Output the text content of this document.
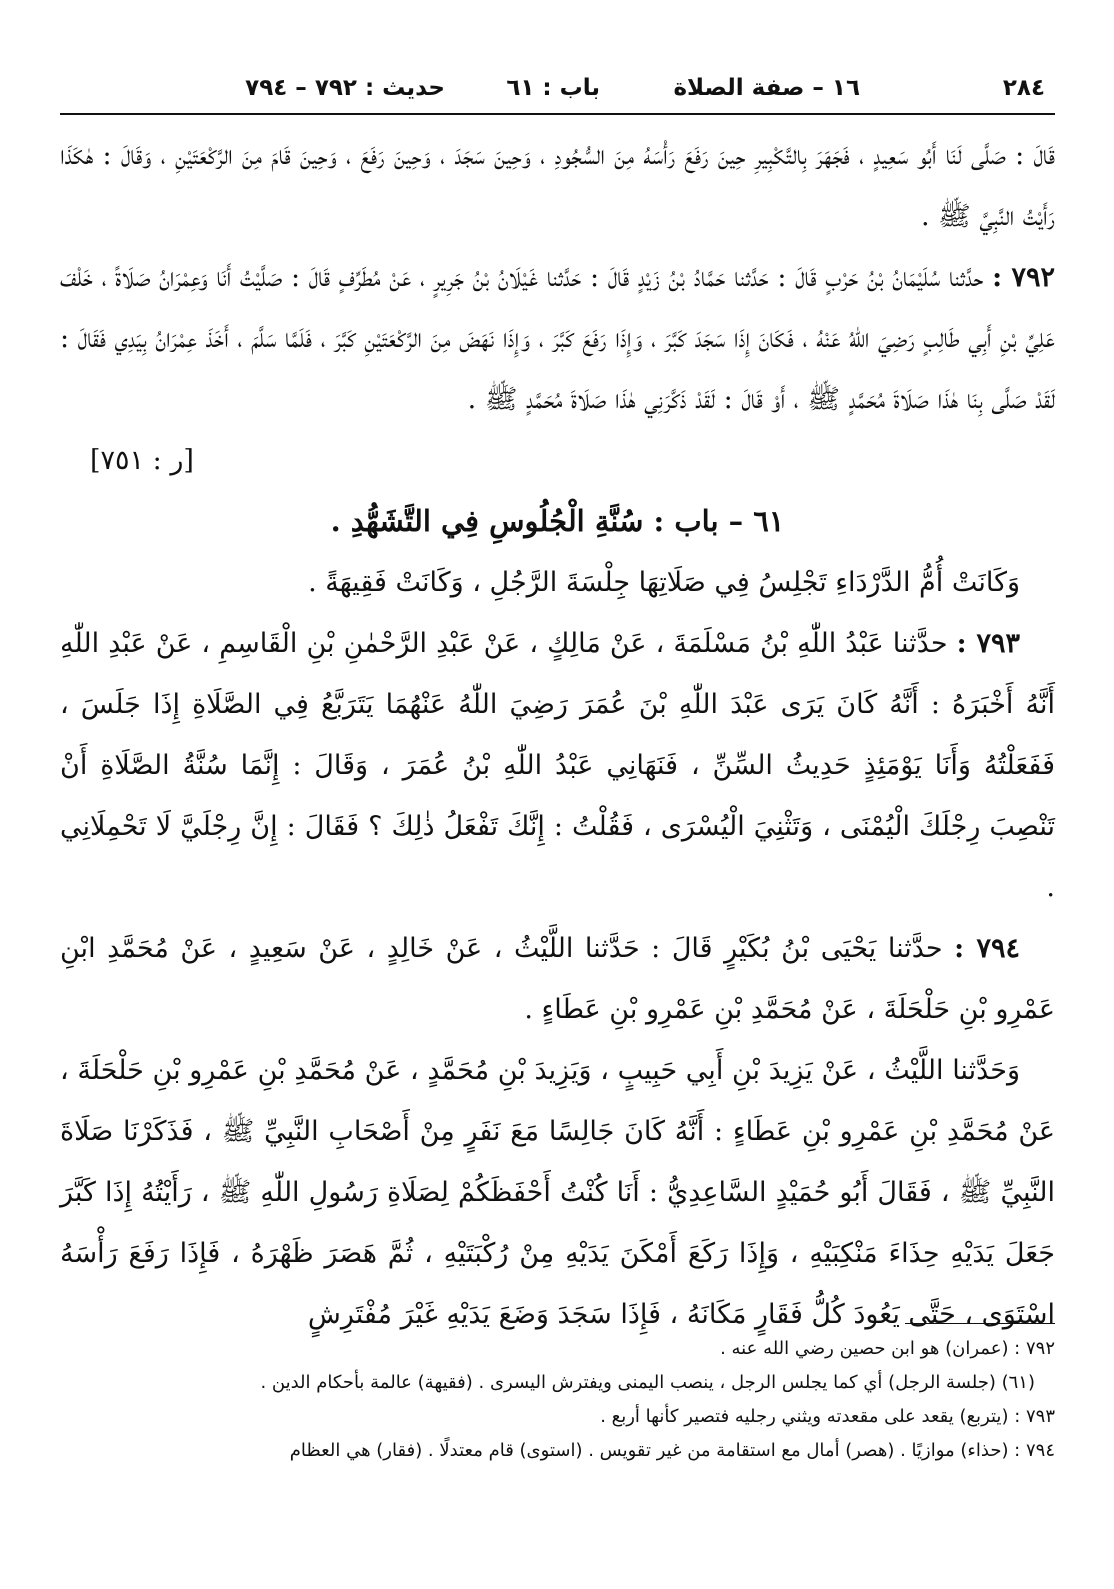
٢٨٤
١٦ – صفة الصلاة
باب : ٦١
حديث : ٧٩٢ – ٧٩٤

قَالَ : صَلَّى لَنَا أَبُو سَعِيدٍ ، فَجَهَرَ بِالتَّكْبِيرِ حِينَ رَفَعَ رَأْسَهُ مِنَ السُّجُودِ ، وَحِينَ سَجَدَ ، وَحِينَ رَفَعَ ، وَحِينَ قَامَ مِنَ الرَّكْعَتَيْنِ ، وَقَالَ : هٰكَذَا رَأَيْتُ النَّبِيَّ ﷺ .

٧٩٢ : حدَّثنا سُلَيْمَانُ بْنُ حَرْبٍ قَالَ : حَدَّثنا حَمَّادُ بْنُ زَيْدٍ قَالَ : حَدَّثنا غَيْلَانُ بْنُ جَرِيرٍ ، عَنْ مُطَرِّفٍ قَالَ : صَلَّيْتُ أَنَا وَعِمْرَانُ صَلَاةً ، خَلْفَ عَلِيِّ بْنِ أَبِي طَالِبٍ رَضِيَ اللّٰهُ عَنْهُ ، فَكَانَ إِذَا سَجَدَ كَبَّرَ ، وَإِذَا رَفَعَ كَبَّرَ ، وَإِذَا نَهَضَ مِنَ الرَّكْعَتَيْنِ كَبَّرَ ، فَلَمَّا سَلَّمَ ، أَخَذَ عِمْرَانُ بِيَدِي فَقَالَ : لَقَدْ صَلَّى بِنَا هٰذَا صَلَاةَ مُحَمَّدٍ ﷺ ، أَوْ قَالَ : لَقَدْ ذَكَّرَنِي هٰذَا صَلَاةَ مُحَمَّدٍ ﷺ .

[ر : ٧٥١]

٦١ – باب : سُنَّةِ الْجُلُوسِ فِي التَّشَهُّدِ .

وَكَانَتْ أُمُّ الدَّرْدَاءِ تَجْلِسُ فِي صَلَاتِهَا جِلْسَةَ الرَّجُلِ ، وَكَانَتْ فَقِيهَةً .

٧٩٣ : حدَّثنا عَبْدُ اللّٰهِ بْنُ مَسْلَمَةَ ، عَنْ مَالِكٍ ، عَنْ عَبْدِ الرَّحْمٰنِ بْنِ الْقَاسِمِ ، عَنْ عَبْدِ اللّٰهِ أَنَّهُ أَخْبَرَهُ : أَنَّهُ كَانَ يَرَى عَبْدَ اللّٰهِ بْنَ عُمَرَ رَضِيَ اللّٰهُ عَنْهُمَا يَتَرَبَّعُ فِي الصَّلَاةِ إِذَا جَلَسَ ، فَفَعَلْتُهُ وَأَنَا يَوْمَئِذٍ حَدِيثُ السِّنِّ ، فَنَهَانِي عَبْدُ اللّٰهِ بْنُ عُمَرَ ، وَقَالَ : إِنَّمَا سُنَّةُ الصَّلَاةِ أَنْ تَنْصِبَ رِجْلَكَ الْيُمْنَى ، وَتَثْنِيَ الْيُسْرَى ، فَقُلْتُ : إِنَّكَ تَفْعَلُ ذٰلِكَ ؟ فَقَالَ : إِنَّ رِجْلَيَّ لَا تَحْمِلَانِي .

٧٩٤ : حدَّثنا يَحْيَى بْنُ بُكَيْرٍ قَالَ : حَدَّثنا اللَّيْثُ ، عَنْ خَالِدٍ ، عَنْ سَعِيدٍ ، عَنْ مُحَمَّدِ ابْنِ عَمْرِو بْنِ حَلْحَلَةَ ، عَنْ مُحَمَّدِ بْنِ عَمْرِو بْنِ عَطَاءٍ .

وَحَدَّثنا اللَّيْثُ ، عَنْ يَزِيدَ بْنِ أَبِي حَبِيبٍ ، وَيَزِيدَ بْنِ مُحَمَّدٍ ، عَنْ مُحَمَّدِ بْنِ عَمْرِو بْنِ حَلْحَلَةَ ، عَنْ مُحَمَّدِ بْنِ عَمْرِو بْنِ عَطَاءٍ : أَنَّهُ كَانَ جَالِسًا مَعَ نَفَرٍ مِنْ أَصْحَابِ النَّبِيِّ ﷺ ، فَذَكَرْنَا صَلَاةَ النَّبِيِّ ﷺ ، فَقَالَ أَبُو حُمَيْدٍ السَّاعِدِيُّ : أَنَا كُنْتُ أَحْفَظَكُمْ لِصَلَاةِ رَسُولِ اللّٰهِ ﷺ ، رَأَيْتُهُ إِذَا كَبَّرَ جَعَلَ يَدَيْهِ حِذَاءَ مَنْكِبَيْهِ ، وَإِذَا رَكَعَ أَمْكَنَ يَدَيْهِ مِنْ رُكْبَتَيْهِ ، ثُمَّ هَصَرَ ظَهْرَهُ ، فَإِذَا رَفَعَ رَأْسَهُ اسْتَوَى ، حَتَّى يَعُودَ كُلُّ فَقَارٍ مَكَانَهُ ، فَإِذَا سَجَدَ وَضَعَ يَدَيْهِ غَيْرَ مُفْتَرِشٍ

٧٩٢ : (عمران) هو ابن حصين رضي الله عنه .

(٦١) (جلسة الرجل) أي كما يجلس الرجل ، ينصب اليمنى ويفترش اليسرى . (فقيهة) عالمة بأحكام الدين .

٧٩٣ : (يتربع) يقعد على مقعدته ويثني رجليه فتصير كأنها أربع .

٧٩٤ : (حذاء) موازيًا . (هصر) أمال مع استقامة من غير تقويس . (استوى) قام معتدلًا . (فقار) هي العظام
